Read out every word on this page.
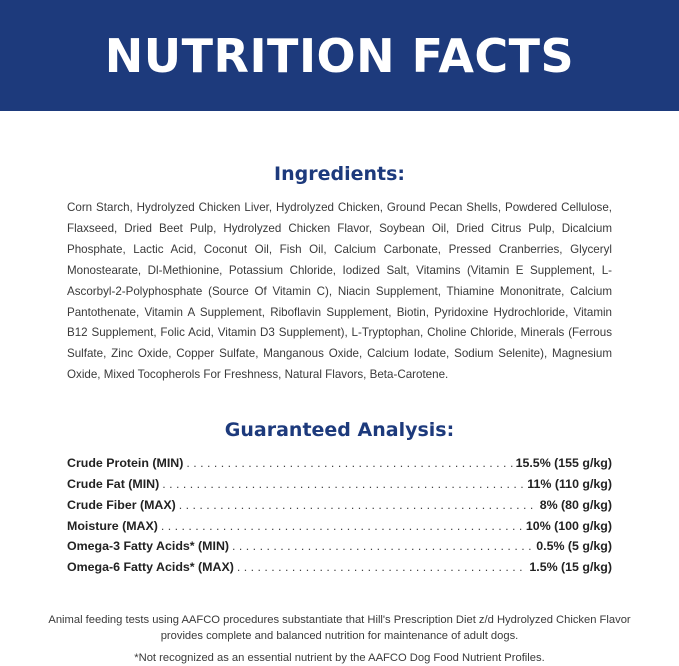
NUTRITION FACTS
Ingredients:

Corn Starch, Hydrolyzed Chicken Liver, Hydrolyzed Chicken, Ground Pecan Shells, Powdered Cellulose, Flaxseed, Dried Beet Pulp, Hydrolyzed Chicken Flavor, Soybean Oil, Dried Citrus Pulp, Dicalcium Phosphate, Lactic Acid, Coconut Oil, Fish Oil, Calcium Carbonate, Pressed Cranberries, Glyceryl Monostearate, Dl-Methionine, Potassium Chloride, Iodized Salt, Vitamins (Vitamin E Supplement, L-Ascorbyl-2-Polyphosphate (Source Of Vitamin C), Niacin Supplement, Thiamine Mononitrate, Calcium Pantothenate, Vitamin A Supplement, Riboflavin Supplement, Biotin, Pyridoxine Hydrochloride, Vitamin B12 Supplement, Folic Acid, Vitamin D3 Supplement), L-Tryptophan, Choline Chloride, Minerals (Ferrous Sulfate, Zinc Oxide, Copper Sulfate, Manganous Oxide, Calcium Iodate, Sodium Selenite), Magnesium Oxide, Mixed Tocopherols For Freshness, Natural Flavors, Beta-Carotene.

Guaranteed Analysis:
Crude Protein (MIN) . . .	15.5% (155 g/kg)
Crude Fat (MIN) . . .	11% (110 g/kg)
Crude Fiber (MAX) . . .	8% (80 g/kg)
Moisture (MAX) . . .	10% (100 g/kg)
Omega-3 Fatty Acids* (MIN) . . .	0.5% (5 g/kg)
Omega-6 Fatty Acids* (MAX) . . .	1.5% (15 g/kg)

Animal feeding tests using AAFCO procedures substantiate that Hill's Prescription Diet z/d Hydrolyzed Chicken Flavor provides complete and balanced nutrition for maintenance of adult dogs.

*Not recognized as an essential nutrient by the AAFCO Dog Food Nutrient Profiles.
